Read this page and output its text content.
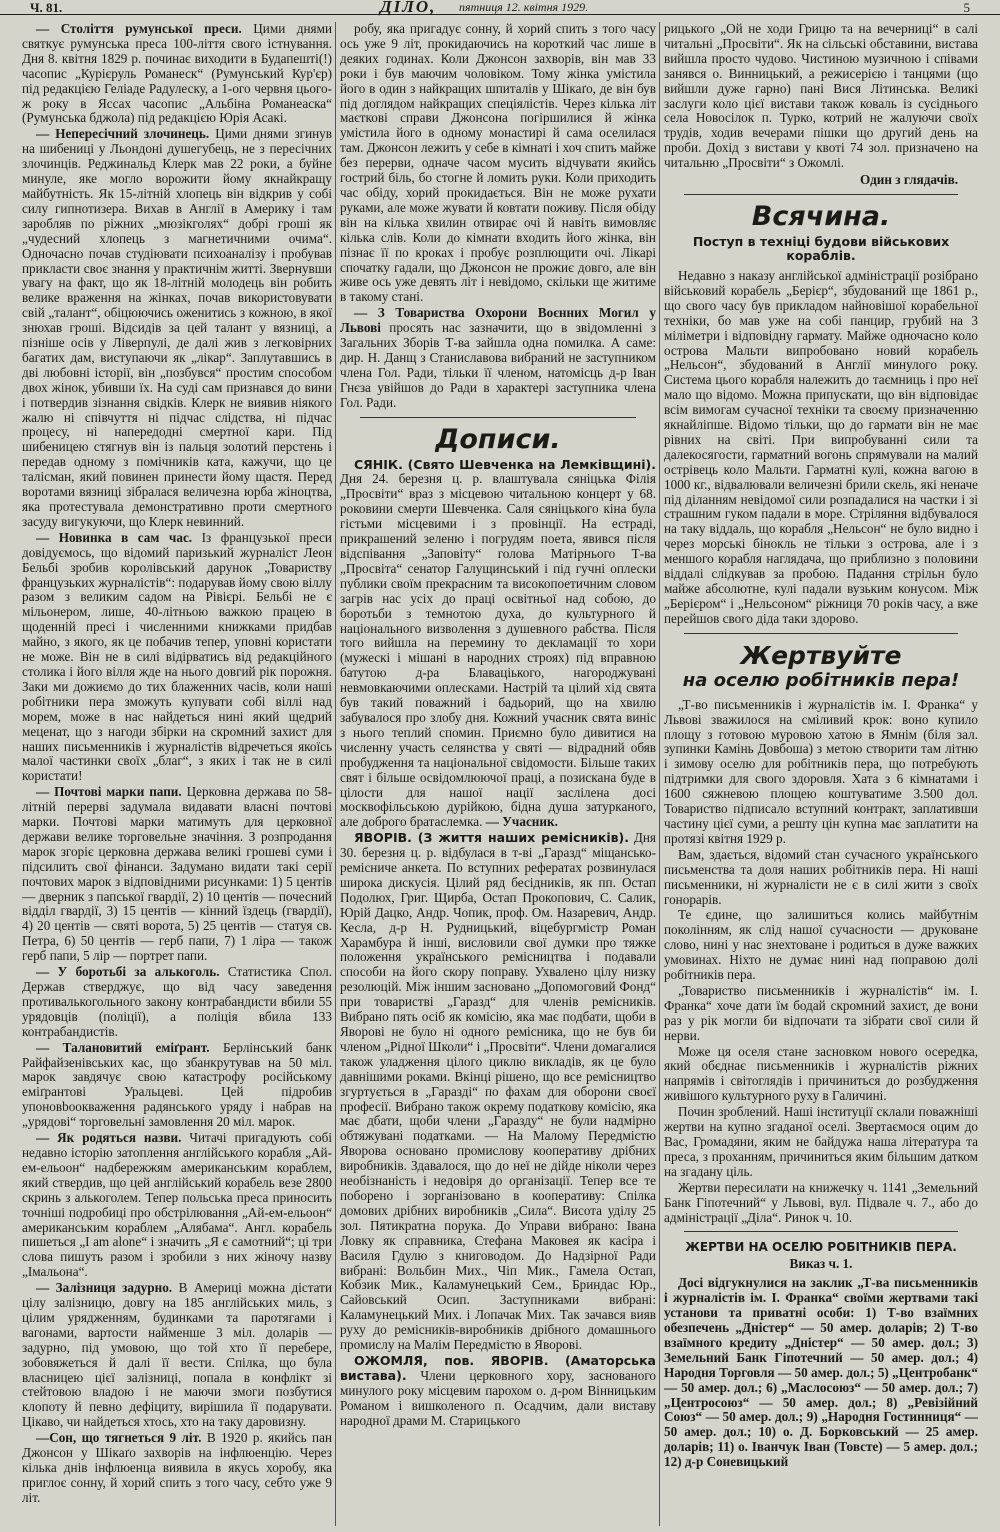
Ч. 81.	ДІЛО, пятниця 12. квітня 1929.	5

— Століття румунської преси. Цими днями святкує румунська преса 100-ліття свого істнування. Дня 8. квітня 1829 р. починає виходити в Будапешті(!) часопис „Курієруль Романеск“ (Румунський Кур'єр) під редакцією Геліаде Радулеску, а 1-ого червня цього-ж року в Яссах часопис „Альбіна Романеаска“ (Румунська бджола) під редакцією Юрія Асакі.

— Непересічний злочинець. Цими днями згинув на шибениці у Льондоні душегубець, не з пересічних злочинців. Реджинальд Клерк мав 22 роки, а буйне минуле, яке могло ворожити йому якнайкращу майбутність. Як 15-літній хлопець він відкрив у собі силу гипнотизера. Вихав в Англії в Америку і там заробляв по ріжних „мюзікголях“ добрі гроші як „чудесний хлопець з магнетичними очима“. Одночасно почав студіювати психоаналізу і пробував прикласти своє знання у практичнім житті. Звернувши увагу на факт, що як 18-літній молодець він робить велике враження на жінках, почав використовувати свій „талант“, обіцюючись оженитись з кожною, в якої знюхав гроші. Відсидів за цей талант у вязниці, а пізніше осів у Ліверпулі, де далі жив з легковірних багатих дам, виступаючи як „лікар“. Заплутавшись в дві любовні історії, він „позбувся“ простим способом двох жінок, убивши їх. На суді сам признався до вини і потвердив зізнання свідків. Клерк не виявив ніякого жалю ні співчуття ні підчас слідства, ні підчас процесу, ні напередодні смертної кари. Під шибеницею стягнув він із пальця золотий перстень і передав одному з помічників ката, кажучи, що це талісман, який повинен принести йому щастя. Перед воротами вязниці зібралася величезна юрба жіноцтва, яка протестувала демонстративно проти смертного засуду вигукуючи, що Клерк невинний.

— Новинка в сам час. Із французької преси довідуємось, що відомий паризький журналіст Леон Бельбі зробив королівський дарунок „Товариству французьких журналістів“: подарував йому свою віллу разом з великим садом на Рівієрі. Бельбі не є мільонером, лише, 40-літньою важкою працею в щоденній пресі і численними книжками придбав майно, з якого, як це побачив тепер, уповні користати не може. Він не в силі відірватись від редакційного столика і його вілля жде на нього довгий рік порожня. Заки ми дожиємо до тих блаженних часів, коли наші робітники пера зможуть купувати собі віллі над морем, може в нас найдеться нині який щедрий меценат, що з нагоди збірки на скромний захист для наших письменників і журналістів відречеться якоїсь малої частинки своїх „благ“, з яких і так не в силі користати!

— Почтові марки папи. Церковна держава по 58-літній перерві задумала видавати власні почтові марки. Почтові марки матимуть для церковної держави велике торговельне значіння. З розпродання марок згоріє церковна держава великі грошеві суми і підсилить свої фінанси. Задумано видати такі серії почтових марок з відповідними рисунками: 1) 5 центів — дверник з папської гвардії, 2) 10 центів — почесний відділ гвардії, 3) 15 центів — кінний їздець (гвардії), 4) 20 центів — святі ворота, 5) 25 центів — статуя св. Петра, 6) 50 центів — герб папи, 7) 1 ліра — також герб папи, 5 лір — портрет папи.

— У боротьбі за алькоголь. Статистика Спол. Держав стверджує, що від часу заведення противалькогольного закону контрабандисти вбили 55 урядовців (поліції), а поліція вбила 133 контрабандистів.

— Талановитий еміґрант. Берлінський банк Райфайзенівських кас, що збанкрутував на 50 міл. марок завдячує свою катастрофу російському еміґрантові Уральцеві. Цей підробив упоновbooкваження радянського уряду і набрав на „урядові“ торговельні замовлення 20 міл. марок.

— Як родяться назви. Читачі пригадують собі недавно історію затоплення англійського корабля „Ай-ем-ельоон“ надбережжям американським кораблем, який ствердив, що цей англійський корабель везе 2800 скринь з алькоголем. Тепер польська преса приносить точніші подробиці про обстрілювання „Ай-ем-ельоон“ американським кораблем „Алябама“. Англ. корабель пишеться „I am alone“ і значить „Я є самотний“; ці три слова пишуть разом і зробили з них жіночу назву „Імальона“.

— Залізниця задурно. В Америці можна дістати цілу залізницю, довгу на 185 англійських миль, з цілим урядженням, будинками та паротягами і вагонами, вартости найменше 3 міл. доларів — задурно, під умовою, що той хто її перебере, зобовяжеться й далі її вести. Спілка, що була власницею цієї залізниці, попала в конфлікт зі стейтовою владою і не маючи змоги позбутися клопоту й певно дефіциту, вирішила її подарувати. Цікаво, чи найдеться хтось, хто на таку даровизну.

—Сон, що тягнеться 9 літ. В 1920 р. якийсь пан Джонсон у Шікаґо захворів на інфлюенцію. Через кілька днів інфлюенца виявила в якусь хоробу, яка приглоє сонну, й хорий спить з того часу, себто уже 9 літ.

робу, яка пригадує сонну, й хорий спить з того часу ось уже 9 літ, прокидаючись на короткий час лише в деяких годинах. Коли Джонсон захворів, він мав 33 роки і був маючим чоловіком. Тому жінка умістила його в один з найкращих шпиталів у Шікаґо, де він був під доглядом найкращих спеціялістів. Через кілька літ маєткові справи Джонсона погіршилися й жінка умістила його в одному монастирі й сама оселилася там. Джонсон лежить у себе в кімнаті і хоч спить майже без перерви, одначе часом мусить відчувати якийсь гострий біль, бо стогне й ломить руки. Коли приходить час обіду, хорий прокидається. Він не може рухати руками, але може жувати й ковтати поживу. Після обіду він на кілька хвилин отвирає очі й навіть вимовляє кілька слів. Коли до кімнати входить його жінка, він пізнає її по кроках і пробує розплющити очі. Лікарі спочатку гадали, що Джонсон не прожиє довго, але він живе ось уже девять літ і невідомо, скільки ще житиме в такому стані.

— З Товариства Охорони Воєнних Могил у Львові просять нас зазначити, що в звідомленні з Загальних Зборів Т-ва зайшла одна помилка. А саме: дир. Н. Данщ з Станиславова вибраний не заступником члена Гол. Ради, тільки її членом, натомісць д-р Іван Гнєза увійшов до Ради в характері заступника члена Гол. Ради.

Дописи.

СЯНІК. (Свято Шевченка на Лемківщині). Дня 24. березня ц. р. влаштувала сяніцька Філія „Просвіти“ враз з місцевою читальною концерт у 68. роковини смерти Шевченка. Саля сяніцького кіна була гістьми місцевими і з провінції. На естраді, прикрашений зеленю і погрудям поета, явився після відспівання „Заповіту“ голова Матірнього Т-ва „Просвіта“ сенатор Галущинський і під гучні оплески публики своїм прекрасним та високопоетичним словом загрів нас усіх до праці освітньої над собою, до боротьби з темнотою духа, до культурного й національного визволення з душевного рабства. Після того вийшла на перемину то декламації то хори (мужескі і мішані в народних строях) під вправною батутою д-ра Блаваціького, нагороджувані невмовкаючими оплесками. Настрій та цілий хід свята був такий поважний і бадьорий, що на хвилю забувалося про злобу дня. Кожний учасник свята виніс з нього теплий спомин. Приємно було дивитися на численну участь селянства у святі — відрадний обяв пробудження та національної свідомости. Більше таких свят і більше освідомлюючої праці, а позискана буде в цілости для нашої нації заслілена досі москвофільською дурійкою, бідна душа затурканого, але доброго братаслемка. — Учасник.

ЯВОРІВ. (З життя наших ремісників). Дня 30. березня ц. р. відбулася в т-ві „Гаразд“ міщансько-ремісниче анкета. По вступних рефератах розвинулася широка дискусія. Цілий ряд бесідників, як пп. Остап Подолюх, Григ. Щирба, Остап Прокопович, С. Салик, Юрій Дацко, Андр. Чопик, проф. Ом. Назаревич, Андр. Кесла, д-р Н. Рудницький, віцебургмістр Роман Харамбура й інші, висловили свої думки про тяжке положення українського ремісництва і подавали способи на його скору поправу. Ухвалено цілу низку резолюцій. Між іншим засновано „Допомоговий Фонд“ при товаристві „Гаразд“ для членів ремісників. Вибрано пять осіб як комісію, яка має подбати, щоби в Яворові не було ні одного ремісника, що не був би членом „Рідної Школи“ і „Просвіти“. Члени домагалися також уладження цілого циклю викладів, як це було давнішими роками. Вкінці рішено, що все ремісництво згуртується в „Гаразді“ по фахам для оборони своєї професії. Вибрано також окрему податкову комісію, яка має дбати, щоби члени „Гаразду“ не були надмірно обтяжувані податками. — На Малому Передмістю Яворова основано промислову кооперативу дрібних виробників. Здавалося, що до неї не дійде ніколи через необізнаність і недовіря до організації. Тепер все те поборено і зорганізовано в кооперативу: Спілка домових дрібних виробників „Сила“. Висота уділу 25 зол. Пятикратна порука. До Управи вибрано: Івана Ловку як справника, Стефана Маковея як касіра і Василя Гдулю з книговодом. До Надзірної Ради вибрані: Вольбин Мих., Чіп Мик., Гамела Остап, Кобзик Мик., Каламунецький Сем., Бриндас Юр., Сайовський Осип. Заступниками вибрані: Каламунецький Мих. і Лопачак Мих. Так зачався вияв руху до ремісників-виробників дрібного домашнього промислу на Малім Передмістю в Яворові.

ОЖОМЛЯ, пов. ЯВОРІВ. (Аматорська вистава). Члени церковного хору, заснованого минулого року місцевим парохом о. д-ром Вінницьким Романом і вишколеного п. Осадчим, дали виставу народної драми М. Старицького

рицького „Ой не ходи Грицю та на вечерниці“ в салі читальні „Просвіти“. Як на сільські обставини, вистава вийшла просто чудово. Чистиною музичною і співами занявся о. Винницький, а режисерією і танцями (що вийшли дуже гарно) пані Вися Літинська. Великі заслуги коло цієї вистави також коваль із сусіднього села Новосілок п. Турко, котрий не жалуючи своїх трудів, ходив вечерами пішки що другий день на проби. Дохід з вистави у квоті 74 зол. призначено на читальню „Просвіти“ з Ожомлі.

Один з глядачів.
Всячина.
Поступ в техніці будови військових кораблів.

Недавно з наказу англійської адміністрації розібрано військовий корабель „Берієр“, збудований ще 1861 р., що свого часу був прикладом найновішої корабельної техніки, бо мав уже на собі панцир, грубий на 3 міліметри і відповідну гармату. Майже одночасно коло острова Мальти випробовано новий корабель „Нельсон“, збудований в Англії минулого року. Система цього корабля належить до таємниць і про неї мало що відомо. Можна припускати, що він відповідає всім вимогам сучасної техніки та своєму призначенню якнайліпше. Відомо тільки, що до гармати він не має рівних на світі. При випробуванні сили та далекосягости, гарматний вогонь спрямували на малий острівець коло Мальти. Гарматні кулі, кожна вагою в 1000 кг., відвалювали величезні брили скель, які неначе під діланням невідомої сили розпадалися на частки і зі страшним гуком падали в море. Стріляння відбувалося на таку віддаль, що корабля „Нельсон“ не було видно і через морські бінокль не тільки з острова, але і з меншого корабля наглядача, що приблизно з половини віддалі слідкував за пробою. Падання стрільн було майже абсолютне, кулі падали вузьким конусом. Між „Берієром“ і „Нельсоном“ ріжниця 70 років часу, а вже перейшов свого діда таки здорово.

Жертвуйте
на оселю робітників пера!

„Т-во письменників і журналістів ім. І. Франка“ у Львові зважилося на сміливий крок: воно купило площу з готовою муровою хатою в Ямнім (біля зал. зупинки Камінь Довбоша) з метою створити там літню і зимову оселю для робітників пера, що потребують підтримки для свого здоровля. Хата з 6 кімнатами і 1600 сяжневою площею коштуватиме 3.500 дол. Товариство підписало вступний контракт, заплативши частину цієї суми, а решту цін купна має заплатити на протязі квітня 1929 р.

Вам, здається, відомий стан сучасного українського письменства та доля наших робітників пера. Ні наші письменники, ні журналісти не є в силі жити з своїх гонорарів.

Те єдине, що залишиться колись майбутнім поколінням, як слід нашої сучасности — друковане слово, нині у нас знехтоване і родиться в дуже важких умовинах. Ніхто не думає нині над поправою долі робітників пера.

„Товариство письменників і журналістів“ ім. І. Франка“ хоче дати їм бодай скромний захист, де вони раз у рік могли би відпочати та зібрати свої сили й нерви.

Може ця оселя стане засновком нового осередка, який обєднає письменників і журналістів ріжних напрямів і світоглядів і причиниться до розбудження живішого культурного руху в Галичині.

Почин зроблений. Наші інституції склали поважніші жертви на купно згаданої оселі. Звертаємося оцим до Вас, Громадяни, яким не байдужа наша література та преса, з проханням, причиниться яким більшим датком на згадану ціль.

Жертви пересилати на книжечку ч. 1141 „Земельний Банк Гіпотечний“ у Львові, вул. Підвале ч. 7., або до адміністрації „Діла“. Ринок ч. 10.

ЖЕРТВИ НА ОСЕЛЮ РОБІТНИКІВ ПЕРА.
Виказ ч. 1.

Досі відгукнулися на заклик „Т-ва письменників і журналістів ім. І. Франка“ своїми жертвами такі установи та приватні особи: 1) Т-во взаїмних обезпечень „Дністер“ — 50 амер. доларів; 2) Т-во взаїмного кредиту „Дністер“ — 50 амер. дол.; 3) Земельний Банк Гіпотечний — 50 амер. дол.; 4) Народня Торговля — 50 амер. дол.; 5) „Центробанк“ — 50 амер. дол.; 6) „Маслосоюз“ — 50 амер. дол.; 7) „Центросоюз“ — 50 амер. дол.; 8) „Ревізійний Союз“ — 50 амер. дол.; 9) „Народня Гостинниця“ — 50 амер. дол.; 10) о. Д. Борковський — 25 амер. доларів; 11) о. Іванчук Іван (Товсте) — 5 амер. дол.; 12) д-р Соневицький
